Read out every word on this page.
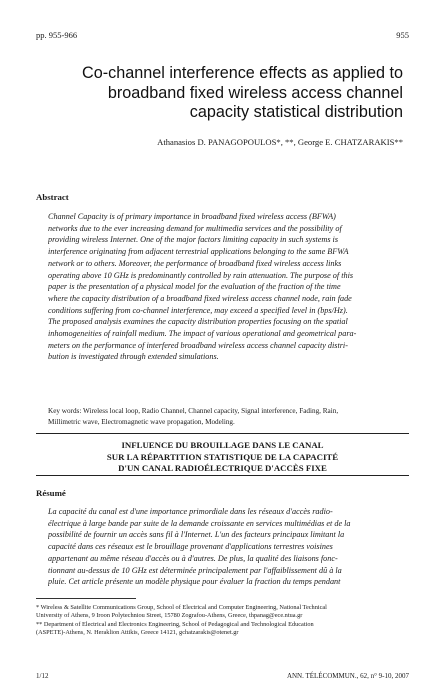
pp. 955-966	955
Co-channel interference effects as applied to
broadband fixed wireless access channel
capacity statistical distribution
Athanasios D. PANAGOPOULOS*, **, George E. CHATZARAKIS**
Abstract
Channel Capacity is of primary importance in broadband fixed wireless access (BFWA)
networks due to the ever increasing demand for multimedia services and the possibility of
providing wireless Internet. One of the major factors limiting capacity in such systems is
interference originating from adjacent terrestrial applications belonging to the same BFWA
network or to others. Moreover, the performance of broadband fixed wireless access links
operating above 10 GHz is predominantly controlled by rain attenuation. The purpose of this
paper is the presentation of a physical model for the evaluation of the fraction of the time
where the capacity distribution of a broadband fixed wireless access channel node, rain fade
conditions suffering from co-channel interference, may exceed a specified level in (bps/Hz).
The proposed analysis examines the capacity distribution properties focusing on the spatial
inhomogeneities of rainfall medium. The impact of various operational and geometrical para-
meters on the performance of interfered broadband wireless access channel capacity distri-
bution is investigated through extended simulations.
Key words: Wireless local loop, Radio Channel, Channel capacity, Signal interference, Fading, Rain,
Millimetric wave, Electromagnetic wave propagation, Modeling.
INFLUENCE DU BROUILLAGE DANS LE CANAL
SUR LA RÉPARTITION STATISTIQUE DE LA CAPACITÉ
D'UN CANAL RADIOÉLECTRIQUE D'ACCÈS FIXE
Résumé
La capacité du canal est d'une importance primordiale dans les réseaux d'accès radio-
électrique à large bande par suite de la demande croissante en services multimédias et de la
possibilité de fournir un accès sans fil à l'Internet. L'un des facteurs principaux limitant la
capacité dans ces réseaux est le brouillage provenant d'applications terrestres voisines
appartenant au même réseau d'accès ou à d'autres. De plus, la qualité des liaisons fonc-
tionnant au-dessus de 10 GHz est déterminée principalement par l'affaiblissement dû à la
pluie. Cet article présente un modèle physique pour évaluer la fraction du temps pendant
* Wireless & Satellite Communications Group, School of Electrical and Computer Engineering, National Technical
University of Athens, 9 Iroon Polytechniou Street, 15780 Zografou-Athens, Greece, thpanag@ece.ntua.gr
** Department of Electrical and Electronics Engineering, School of Pedagogical and Technological Education
(ASPETE)-Athens, N. Heraklion Attikis, Greece 14121, gchatzarakis@otenet.gr
1/12	ANN. TÉLÉCOMMUN., 62, n° 9-10, 2007
